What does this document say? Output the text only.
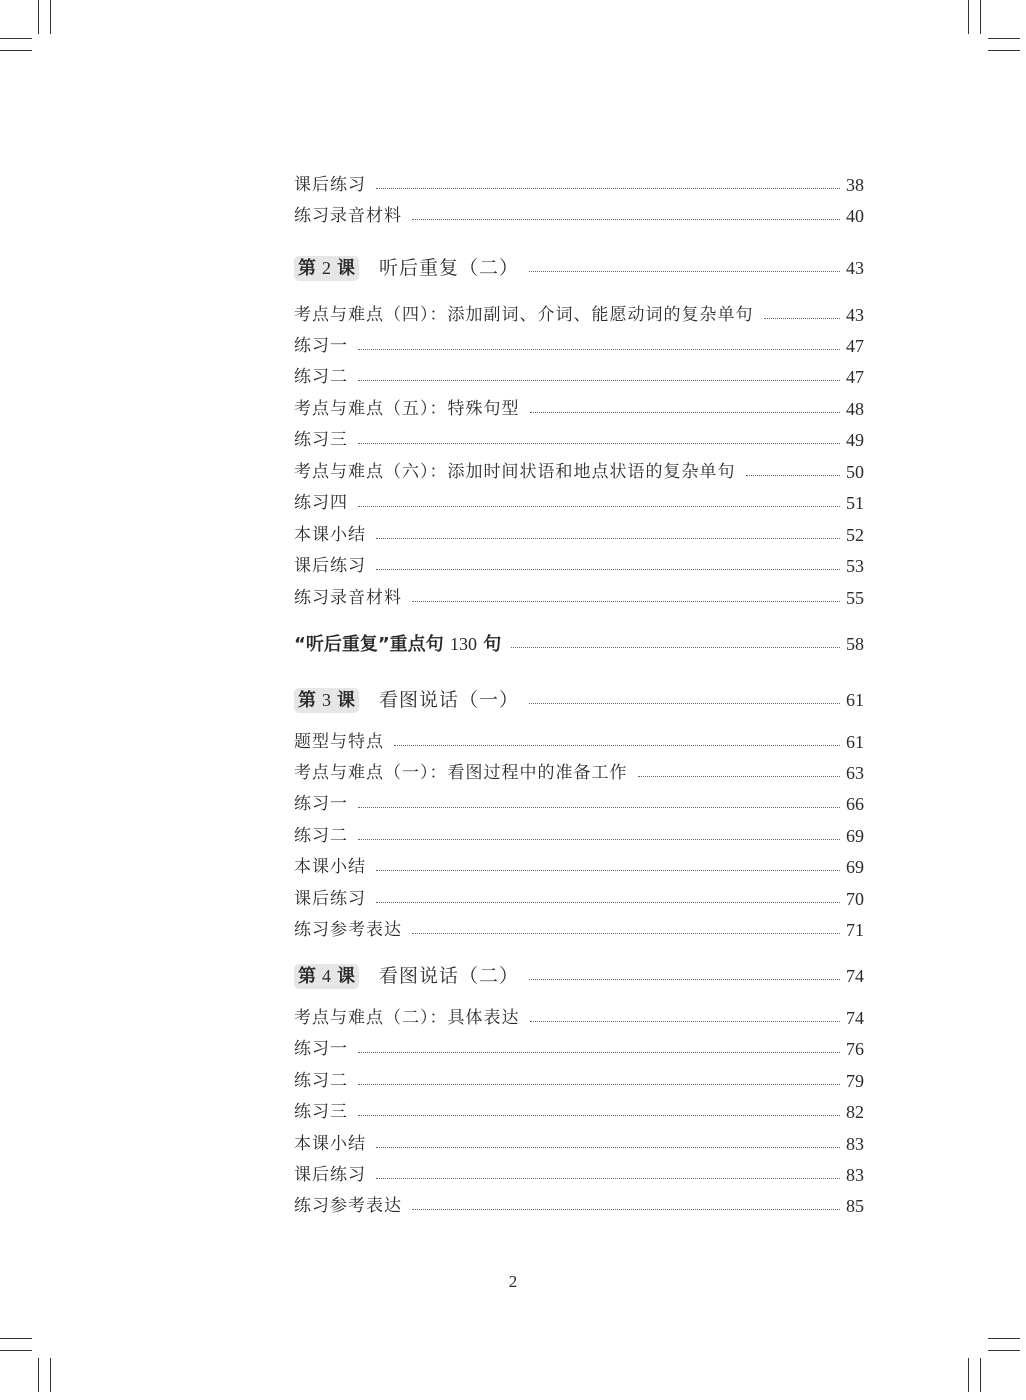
课后练习	38
练习录音材料	40
第 2 课 听后重复（二）	43
考点与难点（四）：添加副词、介词、能愿动词的复杂单句	43
练习一	47
练习二	47
考点与难点（五）：特殊句型	48
练习三	49
考点与难点（六）：添加时间状语和地点状语的复杂单句	50
练习四	51
本课小结	52
课后练习	53
练习录音材料	55
“听后重复”重点句 130 句	58
第 3 课 看图说话（一）	61
题型与特点	61
考点与难点（一）：看图过程中的准备工作	63
练习一	66
练习二	69
本课小结	69
课后练习	70
练习参考表达	71
第 4 课 看图说话（二）	74
考点与难点（二）：具体表达	74
练习一	76
练习二	79
练习三	82
本课小结	83
课后练习	83
练习参考表达	85
2
